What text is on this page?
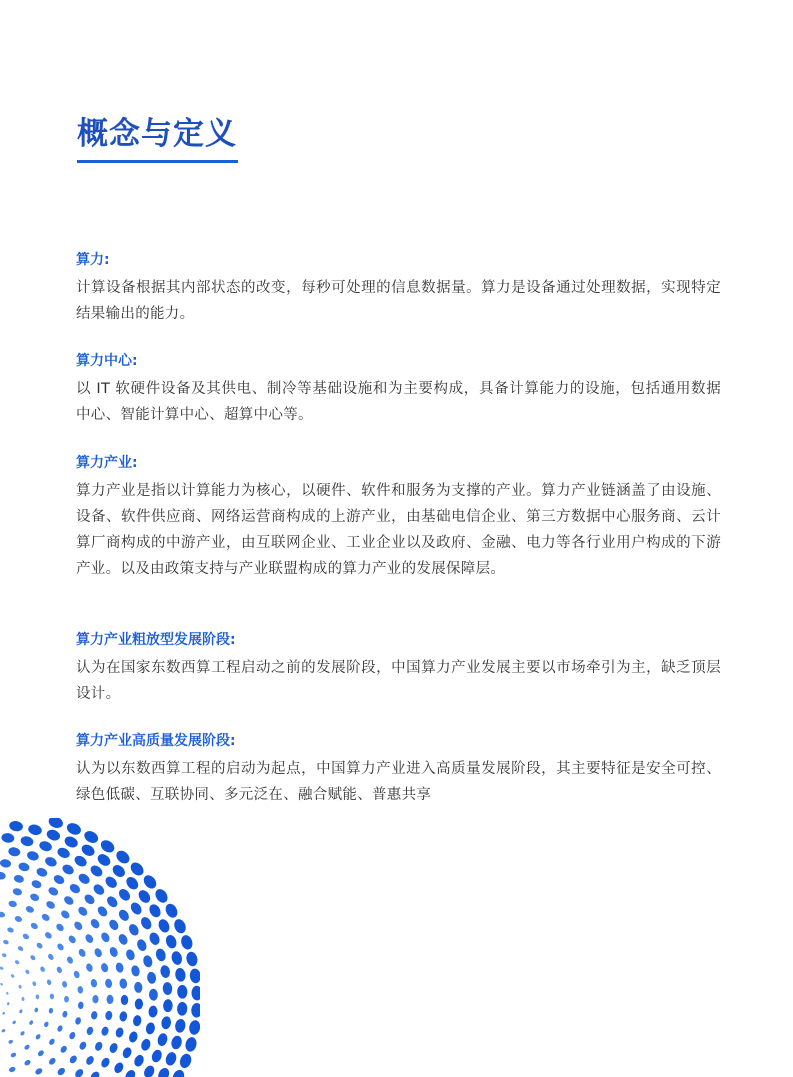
概念与定义

算力:

计算设备根据其内部状态的改变，每秒可处理的信息数据量。算力是设备通过处理数据，实现特定结果输出的能力。

算力中心:

以 IT 软硬件设备及其供电、制冷等基础设施和为主要构成，具备计算能力的设施，包括通用数据中心、智能计算中心、超算中心等。

算力产业:

算力产业是指以计算能力为核心，以硬件、软件和服务为支撑的产业。算力产业链涵盖了由设施、设备、软件供应商、网络运营商构成的上游产业，由基础电信企业、第三方数据中心服务商、云计算厂商构成的中游产业，由互联网企业、工业企业以及政府、金融、电力等各行业用户构成的下游产业。以及由政策支持与产业联盟构成的算力产业的发展保障层。

算力产业粗放型发展阶段:

认为在国家东数西算工程启动之前的发展阶段，中国算力产业发展主要以市场牵引为主，缺乏顶层设计。

算力产业高质量发展阶段:

认为以东数西算工程的启动为起点，中国算力产业进入高质量发展阶段，其主要特征是安全可控、绿色低碳、互联协同、多元泛在、融合赋能、普惠共享
